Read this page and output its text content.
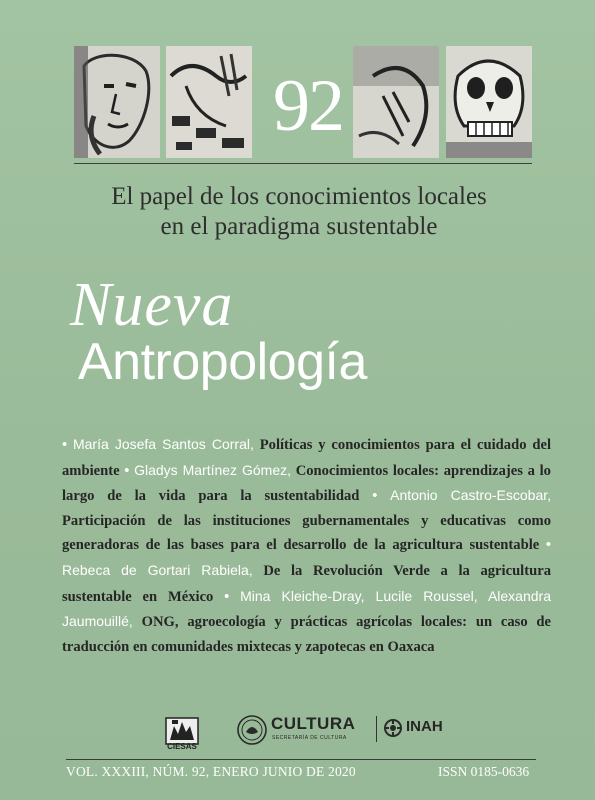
92
El papel de los conocimientos locales
en el paradigma sustentable
Nueva
Antropología
• María Josefa Santos Corral, Políticas y conocimientos para el cuidado del ambiente • Gladys Martínez Gómez, Conocimientos locales: aprendizajes a lo largo de la vida para la sustentabilidad • Antonio Castro-Escobar, Participación de las instituciones gubernamentales y educativas como generadoras de las bases para el desarrollo de la agricultura sustentable • Rebeca de Gortari Rabiela, De la Revolución Verde a la agricultura sustentable en México • Mina Kleiche-Dray, Lucile Roussel, Alexandra Jaumouillé, ONG, agroecología y prácticas agrícolas locales: un caso de traducción en comunidades mixtecas y zapotecas en Oaxaca
CIESAS
CULTURA
SECRETARÍA DE CULTURA
INAH
VOL. XXXIII, NÚM. 92, ENERO JUNIO DE 2020	ISSN 0185-0636
